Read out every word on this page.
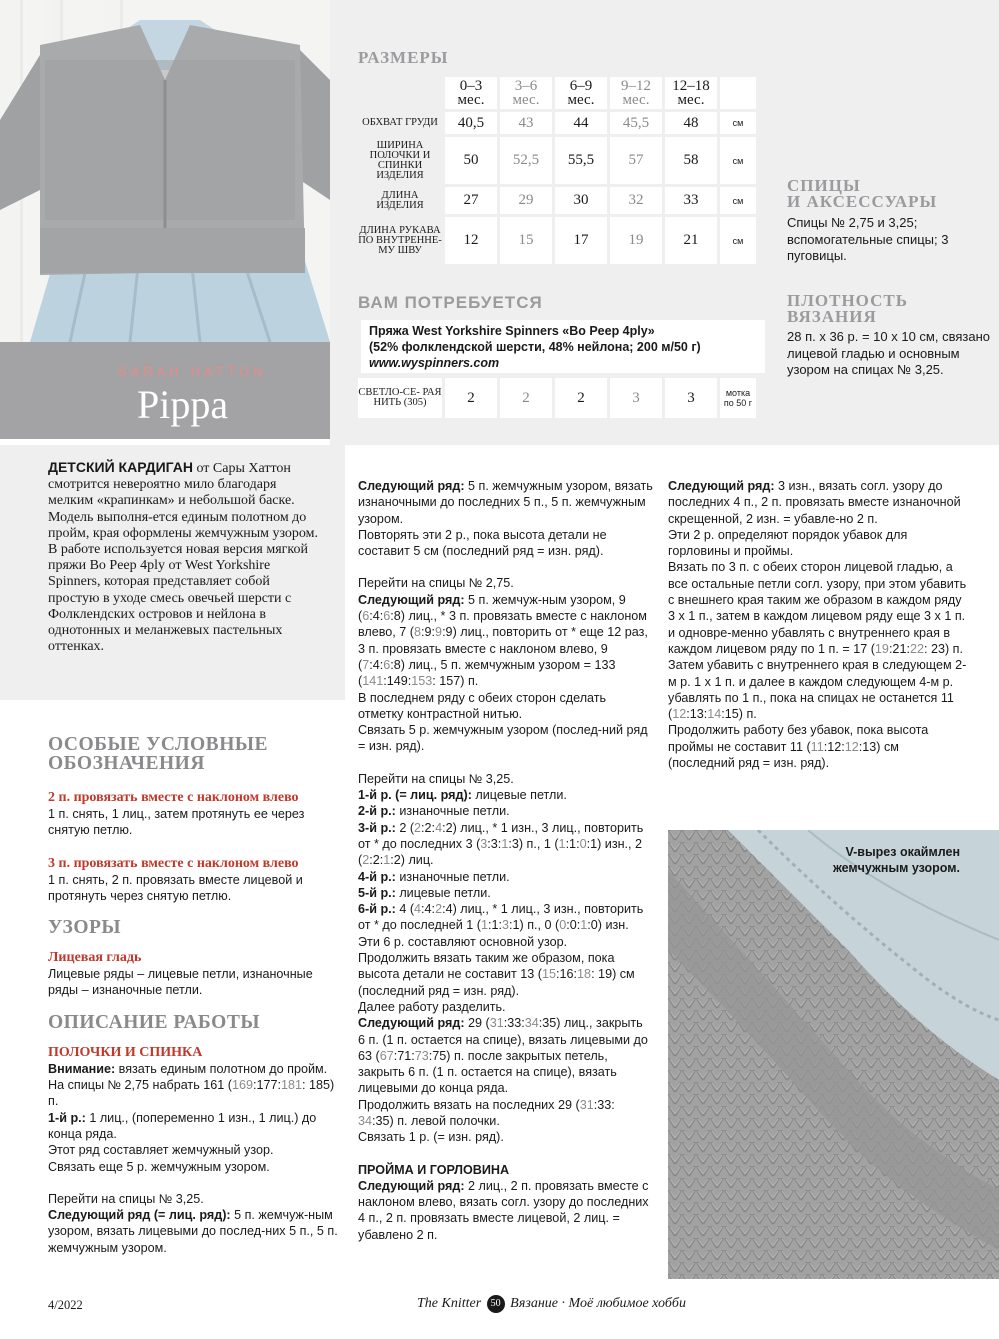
SARAH HATTON
Pippa
РАЗМЕРЫ
	0–3 мес.	3–6 мес.	6–9 мес.	9–12 мес.	12–18 мес.	
ОБХВАТ ГРУДИ	40,5	43	44	45,5	48	см
ШИРИНА ПОЛОЧКИ И СПИНКИ ИЗДЕЛИЯ	50	52,5	55,5	57	58	см
ДЛИНА ИЗДЕЛИЯ	27	29	30	32	33	см
ДЛИНА РУКАВА ПО ВНУТРЕННЕ-МУ ШВУ	12	15	17	19	21	см
ВАМ ПОТРЕБУЕТСЯ
Пряжа West Yorkshire Spinners «Bo Peep 4ply»
(52% фолклендской шерсти, 48% нейлона; 200 м/50 г)
www.wyspinners.com
СВЕТЛО-СЕ- РАЯ НИТЬ (305)	2	2	2	3	3	мотка по 50 г
СПИЦЫ
И АКСЕССУАРЫ
Спицы № 2,75 и 3,25; вспомогательные спицы; 3 пуговицы.
ПЛОТНОСТЬ
ВЯЗАНИЯ
28 п. х 36 р. = 10 х 10 см, связано лицевой гладью и основным узором на спицах № 3,25.
ДЕТСКИЙ КАРДИГАН от Сары Хаттон смотрится невероятно мило благодаря мелким «крапинкам» и небольшой баске. Модель выполня-ется единым полотном до пройм, края оформлены жемчужным узором. В работе используется новая версия мягкой пряжи Bo Peep 4ply от West Yorkshire Spinners, которая представляет собой простую в уходе смесь овечьей шерсти с Фолклендских островов и нейлона в однотонных и меланжевых пастельных оттенках.
ОСОБЫЕ УСЛОВНЫЕ ОБОЗНАЧЕНИЯ
2 п. провязать вместе с наклоном влево

1 п. снять, 1 лиц., затем протянуть ее через снятую петлю.

3 п. провязать вместе с наклоном влево

1 п. снять, 2 п. провязать вместе лицевой и протянуть через снятую петлю.

УЗОРЫ
Лицевая гладь

Лицевые ряды – лицевые петли, изнаночные ряды – изнаночные петли.

ОПИСАНИЕ РАБОТЫ
ПОЛОЧКИ И СПИНКА

Внимание: вязать единым полотном до пройм.

На спицы № 2,75 набрать 161 (169:177:181: 185) п.

1-й р.: 1 лиц., (попеременно 1 изн., 1 лиц.) до конца ряда.

Этот ряд составляет жемчужный узор.

Связать еще 5 р. жемчужным узором.

Перейти на спицы № 3,25.

Следующий ряд (= лиц. ряд): 5 п. жемчуж-ным узором, вязать лицевыми до послед-них 5 п., 5 п. жемчужным узором.

Следующий ряд: 5 п. жемчужным узором, вязать изнаночными до последних 5 п., 5 п. жемчужным узором.

Повторять эти 2 р., пока высота детали не составит 5 см (последний ряд = изн. ряд).

Перейти на спицы № 2,75.

Следующий ряд: 5 п. жемчуж-ным узором, 9 (6:4:6:8) лиц., * 3 п. провязать вместе с наклоном влево, 7 (8:9:9:9) лиц., повторить от * еще 12 раз, 3 п. провязать вместе с наклоном влево, 9 (7:4:6:8) лиц., 5 п. жемчужным узором = 133 (141:149:153: 157) п.

В последнем ряду с обеих сторон сделать отметку контрастной нитью.

Связать 5 р. жемчужным узором (послед-ний ряд = изн. ряд).

Перейти на спицы № 3,25.

1-й р. (= лиц. ряд): лицевые петли.

2-й р.: изнаночные петли.

3-й р.: 2 (2:2:4:2) лиц., * 1 изн., 3 лиц., повторить от * до последних 3 (3:3:1:3) п., 1 (1:1:0:1) изн., 2 (2:2:1:2) лиц.

4-й р.: изнаночные петли.

5-й р.: лицевые петли.

6-й р.: 4 (4:4:2:4) лиц., * 1 лиц., 3 изн., повторить от * до последней 1 (1:1:3:1) п., 0 (0:0:1:0) изн.

Эти 6 р. составляют основной узор.

Продолжить вязать таким же образом, пока высота детали не составит 13 (15:16:18: 19) см (последний ряд = изн. ряд).

Далее работу разделить.

Следующий ряд: 29 (31:33:34:35) лиц., закрыть 6 п. (1 п. остается на спице), вязать лицевыми до 63 (67:71:73:75) п. после закрытых петель, закрыть 6 п. (1 п. остается на спице), вязать лицевыми до конца ряда.

Продолжить вязать на последних 29 (31:33: 34:35) п. левой полочки.

Связать 1 р. (= изн. ряд).

ПРОЙМА И ГОРЛОВИНА

Следующий ряд: 2 лиц., 2 п. провязать вместе с наклоном влево, вязать согл. узору до последних 4 п., 2 п. провязать вместе лицевой, 2 лиц. = убавлено 2 п.

Следующий ряд: 3 изн., вязать согл. узору до последних 4 п., 2 п. провязать вместе изнаночной скрещенной, 2 изн. = убавле-но 2 п.

Эти 2 р. определяют порядок убавок для горловины и проймы.

Вязать по 3 п. с обеих сторон лицевой гладью, а все остальные петли согл. узору, при этом убавить с внешнего края таким же образом в каждом ряду 3 х 1 п., затем в каждом лицевом ряду еще 3 х 1 п. и одновре-менно убавлять с внутреннего края в каждом лицевом ряду по 1 п. = 17 (19:21:22: 23) п.

Затем убавить с внутреннего края в следующем 2-м р. 1 х 1 п. и далее в каждом следующем 4-м р. убавлять по 1 п., пока на спицах не останется 11 (12:13:14:15) п.

Продолжить работу без убавок, пока высота проймы не составит 11 (11:12:12:13) см (последний ряд = изн. ряд).

V-вырез окаймлен жемчужным узором.
4/2022	The Knitter 50 Вязание · Моё любимое хобби
